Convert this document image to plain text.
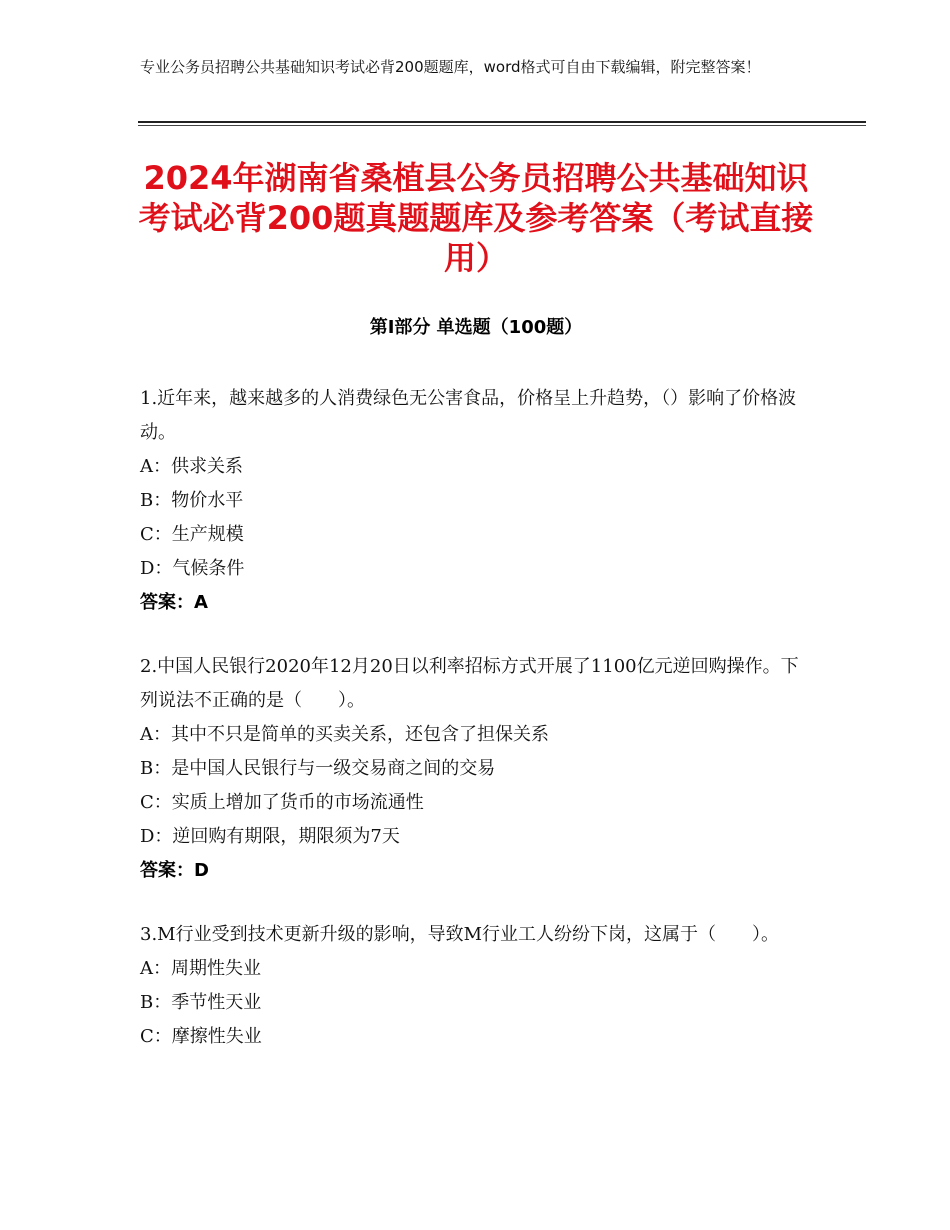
专业公务员招聘公共基础知识考试必背200题题库，word格式可自由下载编辑，附完整答案！
2024年湖南省桑植县公务员招聘公共基础知识考试必背200题真题题库及参考答案（考试直接用）
第Ⅰ部分 单选题（100题）

1.近年来，越来越多的人消费绿色无公害食品，价格呈上升趋势，（）影响了价格波动。

A：供求关系

B：物价水平

C：生产规模

D：气候条件

答案：A

2.中国人民银行2020年12月20日以利率招标方式开展了1100亿元逆回购操作。下列说法不正确的是（　　）。

A：其中不只是简单的买卖关系，还包含了担保关系

B：是中国人民银行与一级交易商之间的交易

C：实质上增加了货币的市场流通性

D：逆回购有期限，期限须为7天

答案：D

3.M行业受到技术更新升级的影响，导致M行业工人纷纷下岗，这属于（　　）。

A：周期性失业

B：季节性天业

C：摩擦性失业
